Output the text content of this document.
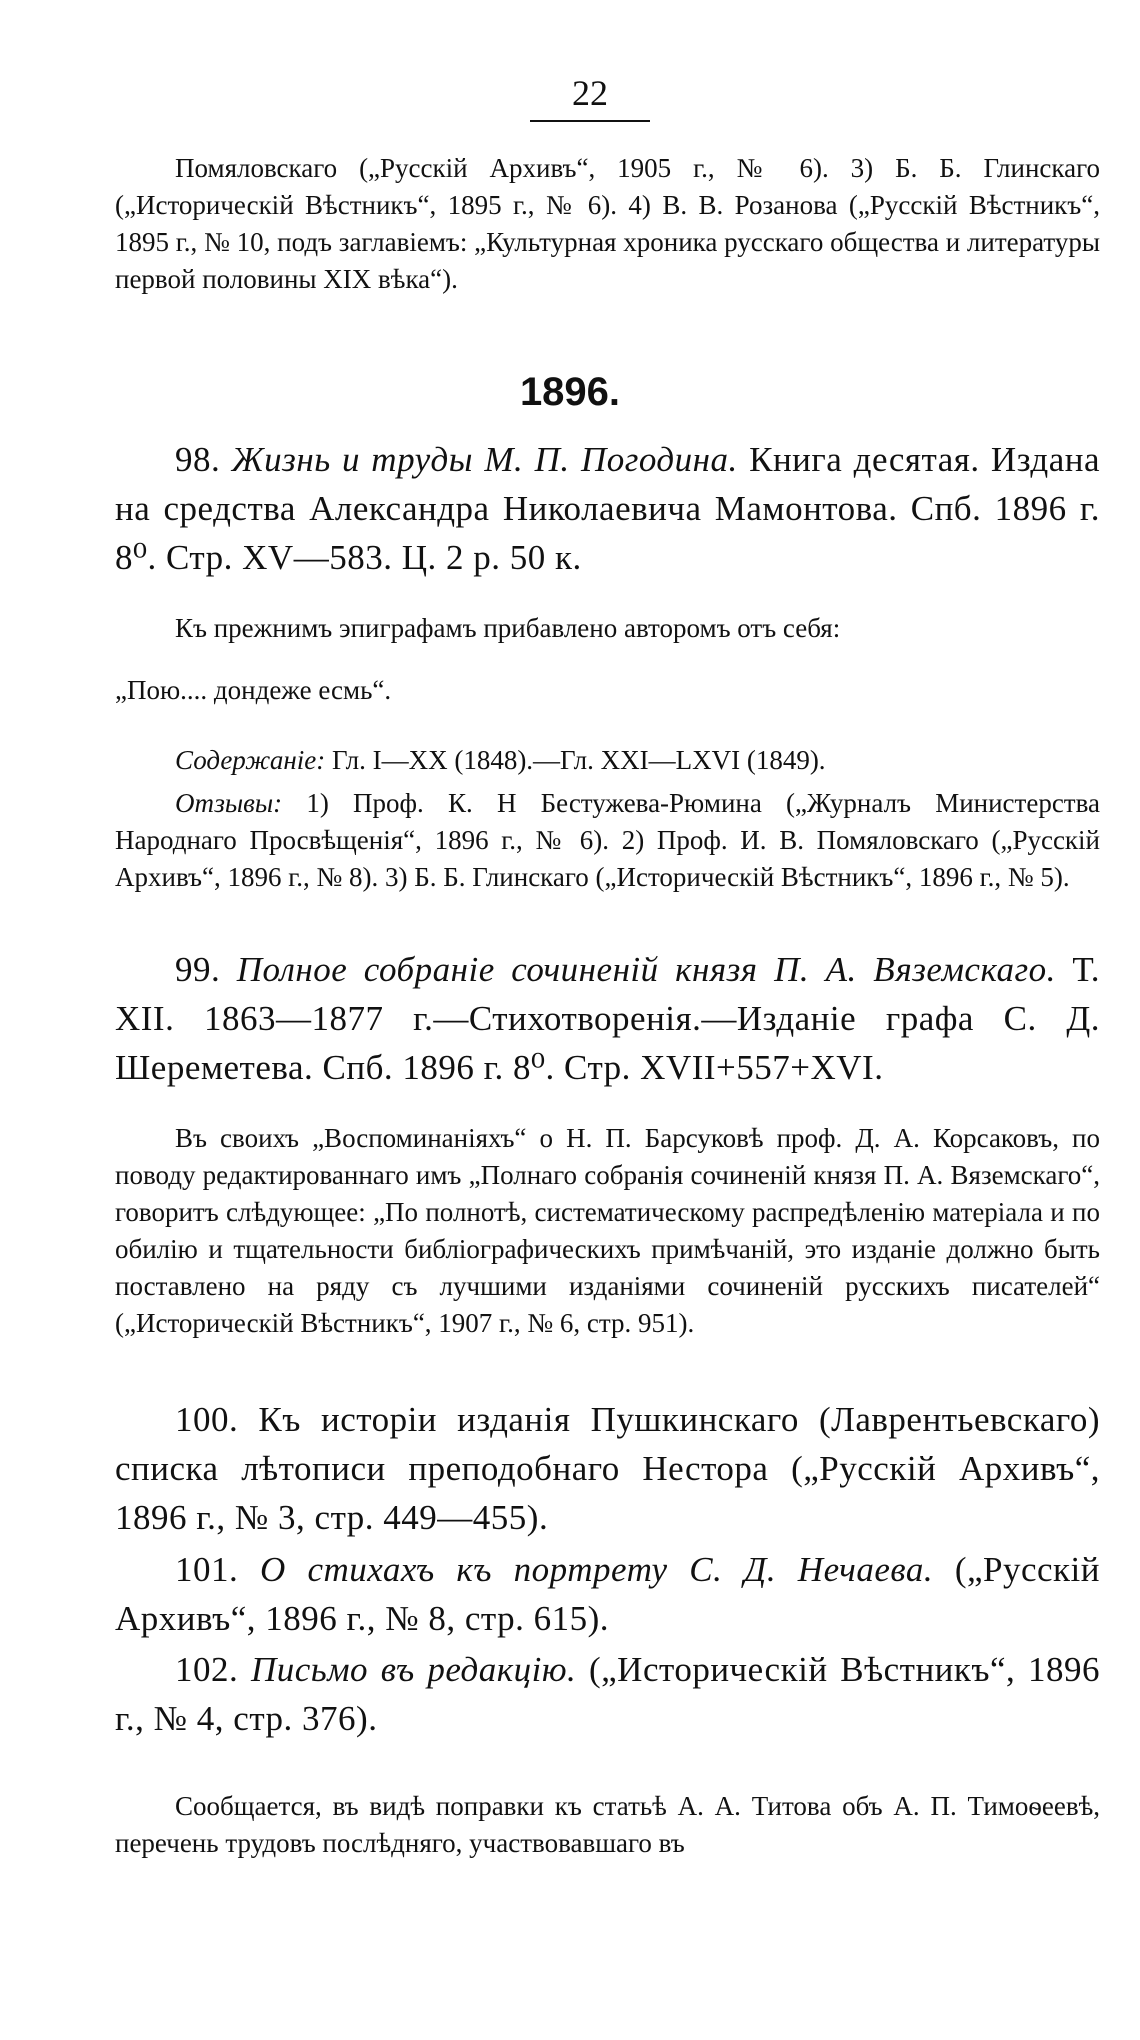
22

Помяловскаго („Русскій Архивъ“, 1905 г., № 6). 3) Б. Б. Глинскаго („Историческій Вѣстникъ“, 1895 г., № 6). 4) В. В. Розанова („Русскій Вѣстникъ“, 1895 г., № 10, подъ заглавіемъ: „Культурная хроника русскаго общества и литературы первой половины XIX вѣка“).

1896.

98. Жизнь и труды М. П. Погодина. Книга десятая. Издана на средства Александра Николаевича Мамонтова. Спб. 1896 г. 8⁰. Стр. XV—583. Ц. 2 р. 50 к.

Къ прежнимъ эпиграфамъ прибавлено авторомъ отъ себя:

„Пою.... дондеже есмь“.

Содержаніе: Гл. I—XX (1848).—Гл. XXI—LXVI (1849).

Отзывы: 1) Проф. К. Н Бестужева-Рюмина („Журналъ Министерства Народнаго Просвѣщенія“, 1896 г., № 6). 2) Проф. И. В. Помяловскаго („Русскій Архивъ“, 1896 г., № 8). 3) Б. Б. Глинскаго („Историческій Вѣстникъ“, 1896 г., № 5).

99. Полное собраніе сочиненій князя П. А. Вяземскаго. Т. XII. 1863—1877 г.—Стихотворенія.—Изданіе графа С. Д. Шереметева. Спб. 1896 г. 8⁰. Стр. XVII+557+XVI.

Въ своихъ „Воспоминаніяхъ“ о Н. П. Барсуковѣ проф. Д. А. Корсаковъ, по поводу редактированнаго имъ „Полнаго собранія сочиненій князя П. А. Вяземскаго“, говоритъ слѣдующее: „По полнотѣ, систематическому распредѣленію матеріала и по обилію и тщательности библіографическихъ примѣчаній, это изданіе должно быть поставлено на ряду съ лучшими изданіями сочиненій русскихъ писателей“ („Историческій Вѣстникъ“, 1907 г., № 6, стр. 951).

100. Къ исторіи изданія Пушкинскаго (Лаврентьевскаго) списка лѣтописи преподобнаго Нестора („Русскій Архивъ“, 1896 г., № 3, стр. 449—455).

101. О стихахъ къ портрету С. Д. Нечаева. („Русскій Архивъ“, 1896 г., № 8, стр. 615).

102. Письмо въ редакцію. („Историческій Вѣстникъ“, 1896 г., № 4, стр. 376).

Сообщается, въ видѣ поправки къ статьѣ А. А. Титова объ А. П. Тимоѳеевѣ, перечень трудовъ послѣдняго, участвовавшаго въ
